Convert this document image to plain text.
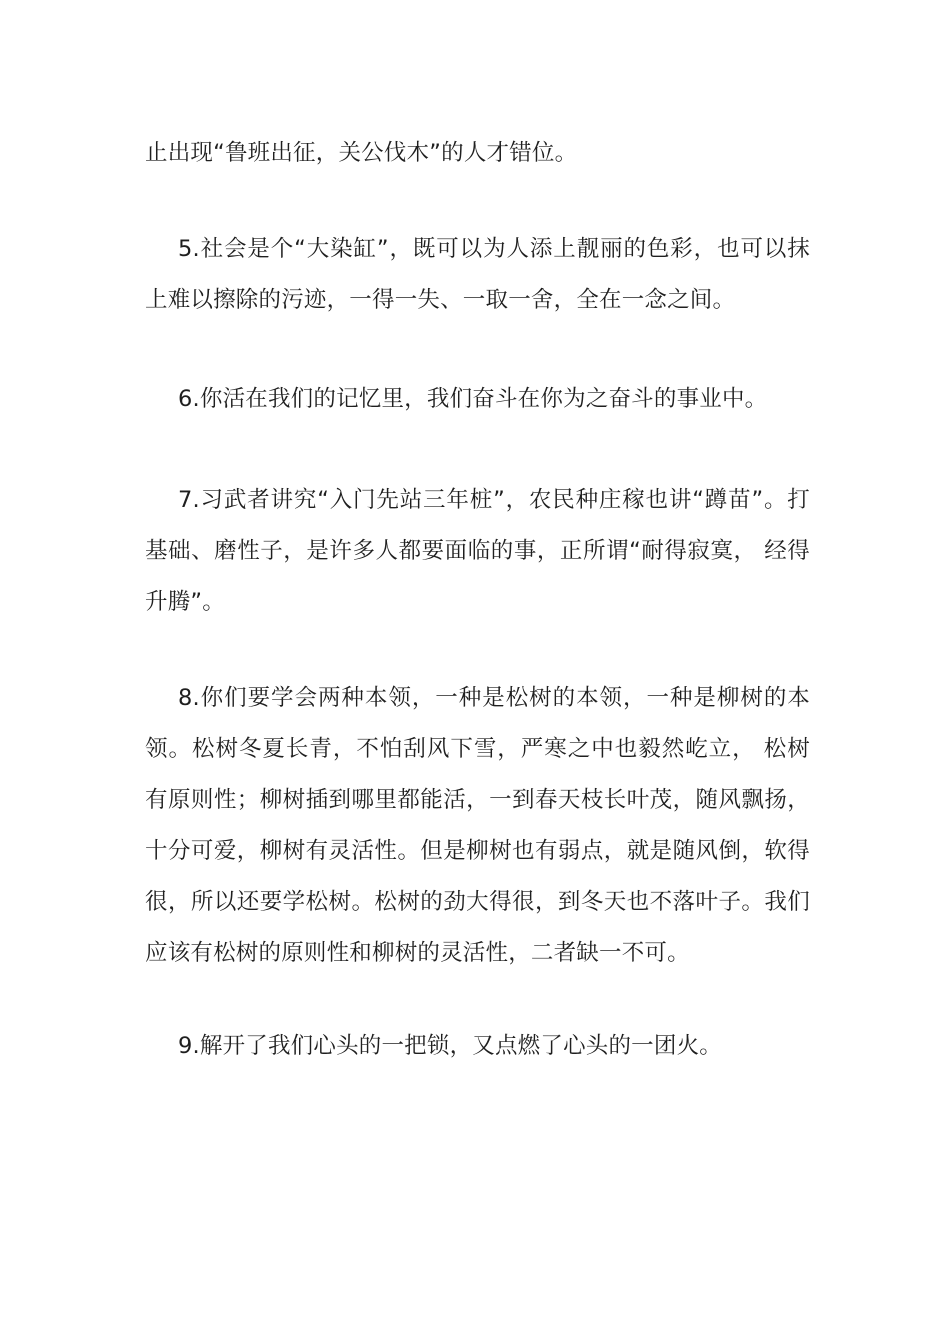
止出现“鲁班出征，关公伐木”的人才错位。

5.社会是个“大染缸”，既可以为人添上靓丽的色彩，也可以抹上难以擦除的污迹，一得一失、一取一舍，全在一念之间。

6.你活在我们的记忆里，我们奋斗在你为之奋斗的事业中。

7.习武者讲究“入门先站三年桩”，农民种庄稼也讲“蹲苗”。打基础、磨性子，是许多人都要面临的事，正所谓“耐得寂寞， 经得升腾”。

8.你们要学会两种本领，一种是松树的本领，一种是柳树的本领。松树冬夏长青，不怕刮风下雪，严寒之中也毅然屹立， 松树有原则性；柳树插到哪里都能活，一到春天枝长叶茂，随风飘扬，十分可爱，柳树有灵活性。但是柳树也有弱点，就是随风倒，软得很，所以还要学松树。松树的劲大得很，到冬天也不落叶子。我们应该有松树的原则性和柳树的灵活性，二者缺一不可。

9.解开了我们心头的一把锁，又点燃了心头的一团火。
